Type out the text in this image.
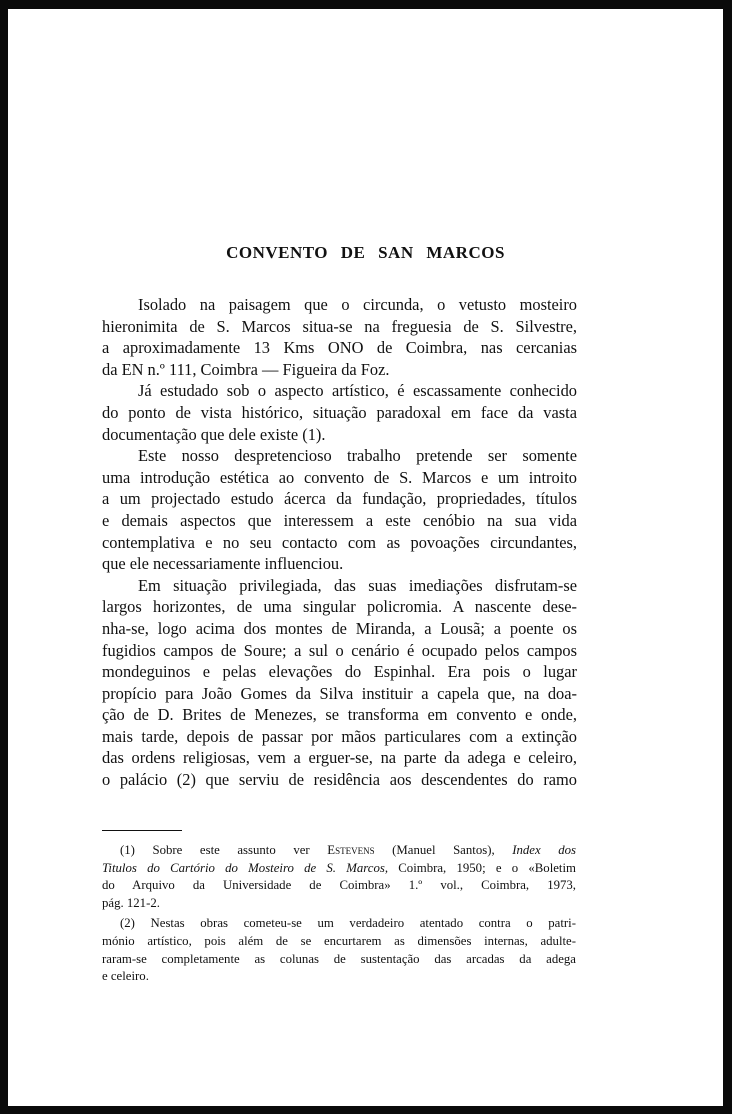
CONVENTO DE SAN MARCOS
Isolado na paisagem que o circunda, o vetusto mosteiro
hieronimita de S. Marcos situa-se na freguesia de S. Silvestre,
a aproximadamente 13 Kms ONO de Coimbra, nas cercanias
da EN n.º 111, Coimbra — Figueira da Foz.
Já estudado sob o aspecto artístico, é escassamente conhecido
do ponto de vista histórico, situação paradoxal em face da vasta
documentação que dele existe (1).
Este nosso despretencioso trabalho pretende ser somente
uma introdução estética ao convento de S. Marcos e um introito
a um projectado estudo ácerca da fundação, propriedades, títulos
e demais aspectos que interessem a este cenóbio na sua vida
contemplativa e no seu contacto com as povoações circundantes,
que ele necessariamente influenciou.
Em situação privilegiada, das suas imediações disfrutam-se
largos horizontes, de uma singular policromia. A nascente dese-
nha-se, logo acima dos montes de Miranda, a Lousã; a poente os
fugidios campos de Soure; a sul o cenário é ocupado pelos campos
mondeguinos e pelas elevações do Espinhal. Era pois o lugar
propício para João Gomes da Silva instituir a capela que, na doa-
ção de D. Brites de Menezes, se transforma em convento e onde,
mais tarde, depois de passar por mãos particulares com a extinção
das ordens religiosas, vem a erguer-se, na parte da adega e celeiro,
o palácio (2) que serviu de residência aos descendentes do ramo
(1) Sobre este assunto ver Estevens (Manuel Santos), Index dos
Titulos do Cartório do Mosteiro de S. Marcos, Coimbra, 1950; e o «Boletim
do Arquivo da Universidade de Coimbra» 1.º vol., Coimbra, 1973,
pág. 121-2.
(2) Nestas obras cometeu-se um verdadeiro atentado contra o patri-
mónio artístico, pois além de se encurtarem as dimensões internas, adulte-
raram-se completamente as colunas de sustentação das arcadas da adega
e celeiro.
